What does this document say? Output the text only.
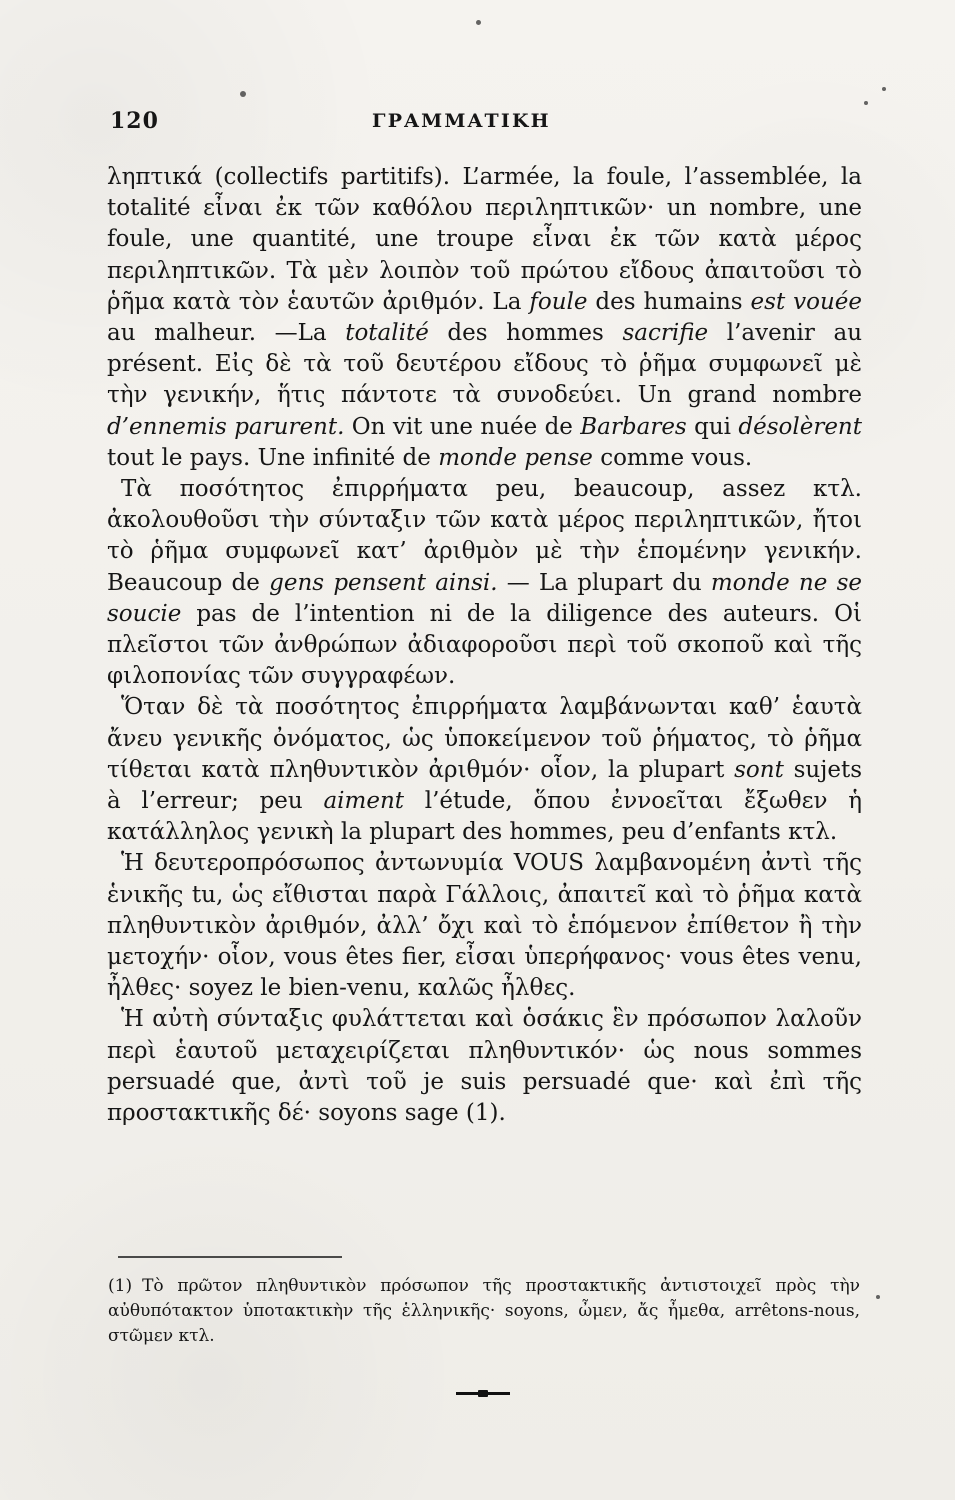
120	ΓΡΑΜΜΑΤΙΚΗ

ληπτικά (collectifs partitifs). L’armée, la foule, l’assemblée, la totalité εἶναι ἐκ τῶν καθόλου περιληπτικῶν· un nombre, une foule, une quantité, une troupe εἶναι ἐκ τῶν κατὰ μέρος περιληπτικῶν. Τὰ μὲν λοιπὸν τοῦ πρώτου εἴδους ἀπαιτοῦσι τὸ ῥῆμα κατὰ τὸν ἑαυτῶν ἀριθμόν. La foule des humains est vouée au malheur. —La totalité des hommes sacrifie l’avenir au présent. Εἰς δὲ τὰ τοῦ δευτέρου εἴδους τὸ ῥῆμα συμφωνεῖ μὲ τὴν γενικήν, ἥτις πάντοτε τὰ συνοδεύει. Un grand nombre d’ennemis parurent. On vit une nuée de Barbares qui désolèrent tout le pays. Une infinité de monde pense comme vous.

Τὰ ποσότητος ἐπιρρήματα peu, beaucoup, assez κτλ. ἀκολουθοῦσι τὴν σύνταξιν τῶν κατὰ μέρος περιληπτικῶν, ἤτοι τὸ ῥῆμα συμφωνεῖ κατ’ ἀριθμὸν μὲ τὴν ἑπομένην γενικήν. Beaucoup de gens pensent ainsi. — La plupart du monde ne se soucie pas de l’intention ni de la diligence des auteurs. Οἱ πλεῖστοι τῶν ἀνθρώπων ἀδιαφοροῦσι περὶ τοῦ σκοποῦ καὶ τῆς φιλοπονίας τῶν συγγραφέων.

Ὅταν δὲ τὰ ποσότητος ἐπιρρήματα λαμβάνωνται καθ’ ἑαυτὰ ἄνευ γενικῆς ὀνόματος, ὡς ὑποκείμενον τοῦ ῥήματος, τὸ ῥῆμα τίθεται κατὰ πληθυντικὸν ἀριθμόν· οἷον, la plupart sont sujets à l’erreur; peu aiment l’étude, ὅπου ἐννοεῖται ἔξωθεν ἡ κατάλληλος γενικὴ la plupart des hommes, peu d’enfants κτλ.

Ἡ δευτεροπρόσωπος ἀντωνυμία VOUS λαμβανομένη ἀντὶ τῆς ἑνικῆς tu, ὡς εἴθισται παρὰ Γάλλοις, ἀπαιτεῖ καὶ τὸ ῥῆμα κατὰ πληθυντικὸν ἀριθμόν, ἀλλ’ ὄχι καὶ τὸ ἑπόμενον ἐπίθετον ἢ τὴν μετοχήν· οἷον, vous êtes fier, εἶσαι ὑπερήφανος· vous êtes venu, ἦλθες· soyez le bien-venu, καλῶς ἦλθες.

Ἡ αὐτὴ σύνταξις φυλάττεται καὶ ὁσάκις ἓν πρόσωπον λαλοῦν περὶ ἑαυτοῦ μεταχειρίζεται πληθυντικόν· ὡς nous sommes persuadé que, ἀντὶ τοῦ je suis persuadé que· καὶ ἐπὶ τῆς προστακτικῆς δέ· soyons sage (1).

(1) Τὸ πρῶτον πληθυντικὸν πρόσωπον τῆς προστακτικῆς ἀντιστοιχεῖ πρὸς τὴν αὐθυπότακτον ὑποτακτικὴν τῆς ἑλληνικῆς· soyons, ὦμεν, ἄς ἦμεθα, arrêtons-nous, στῶμεν κτλ.
